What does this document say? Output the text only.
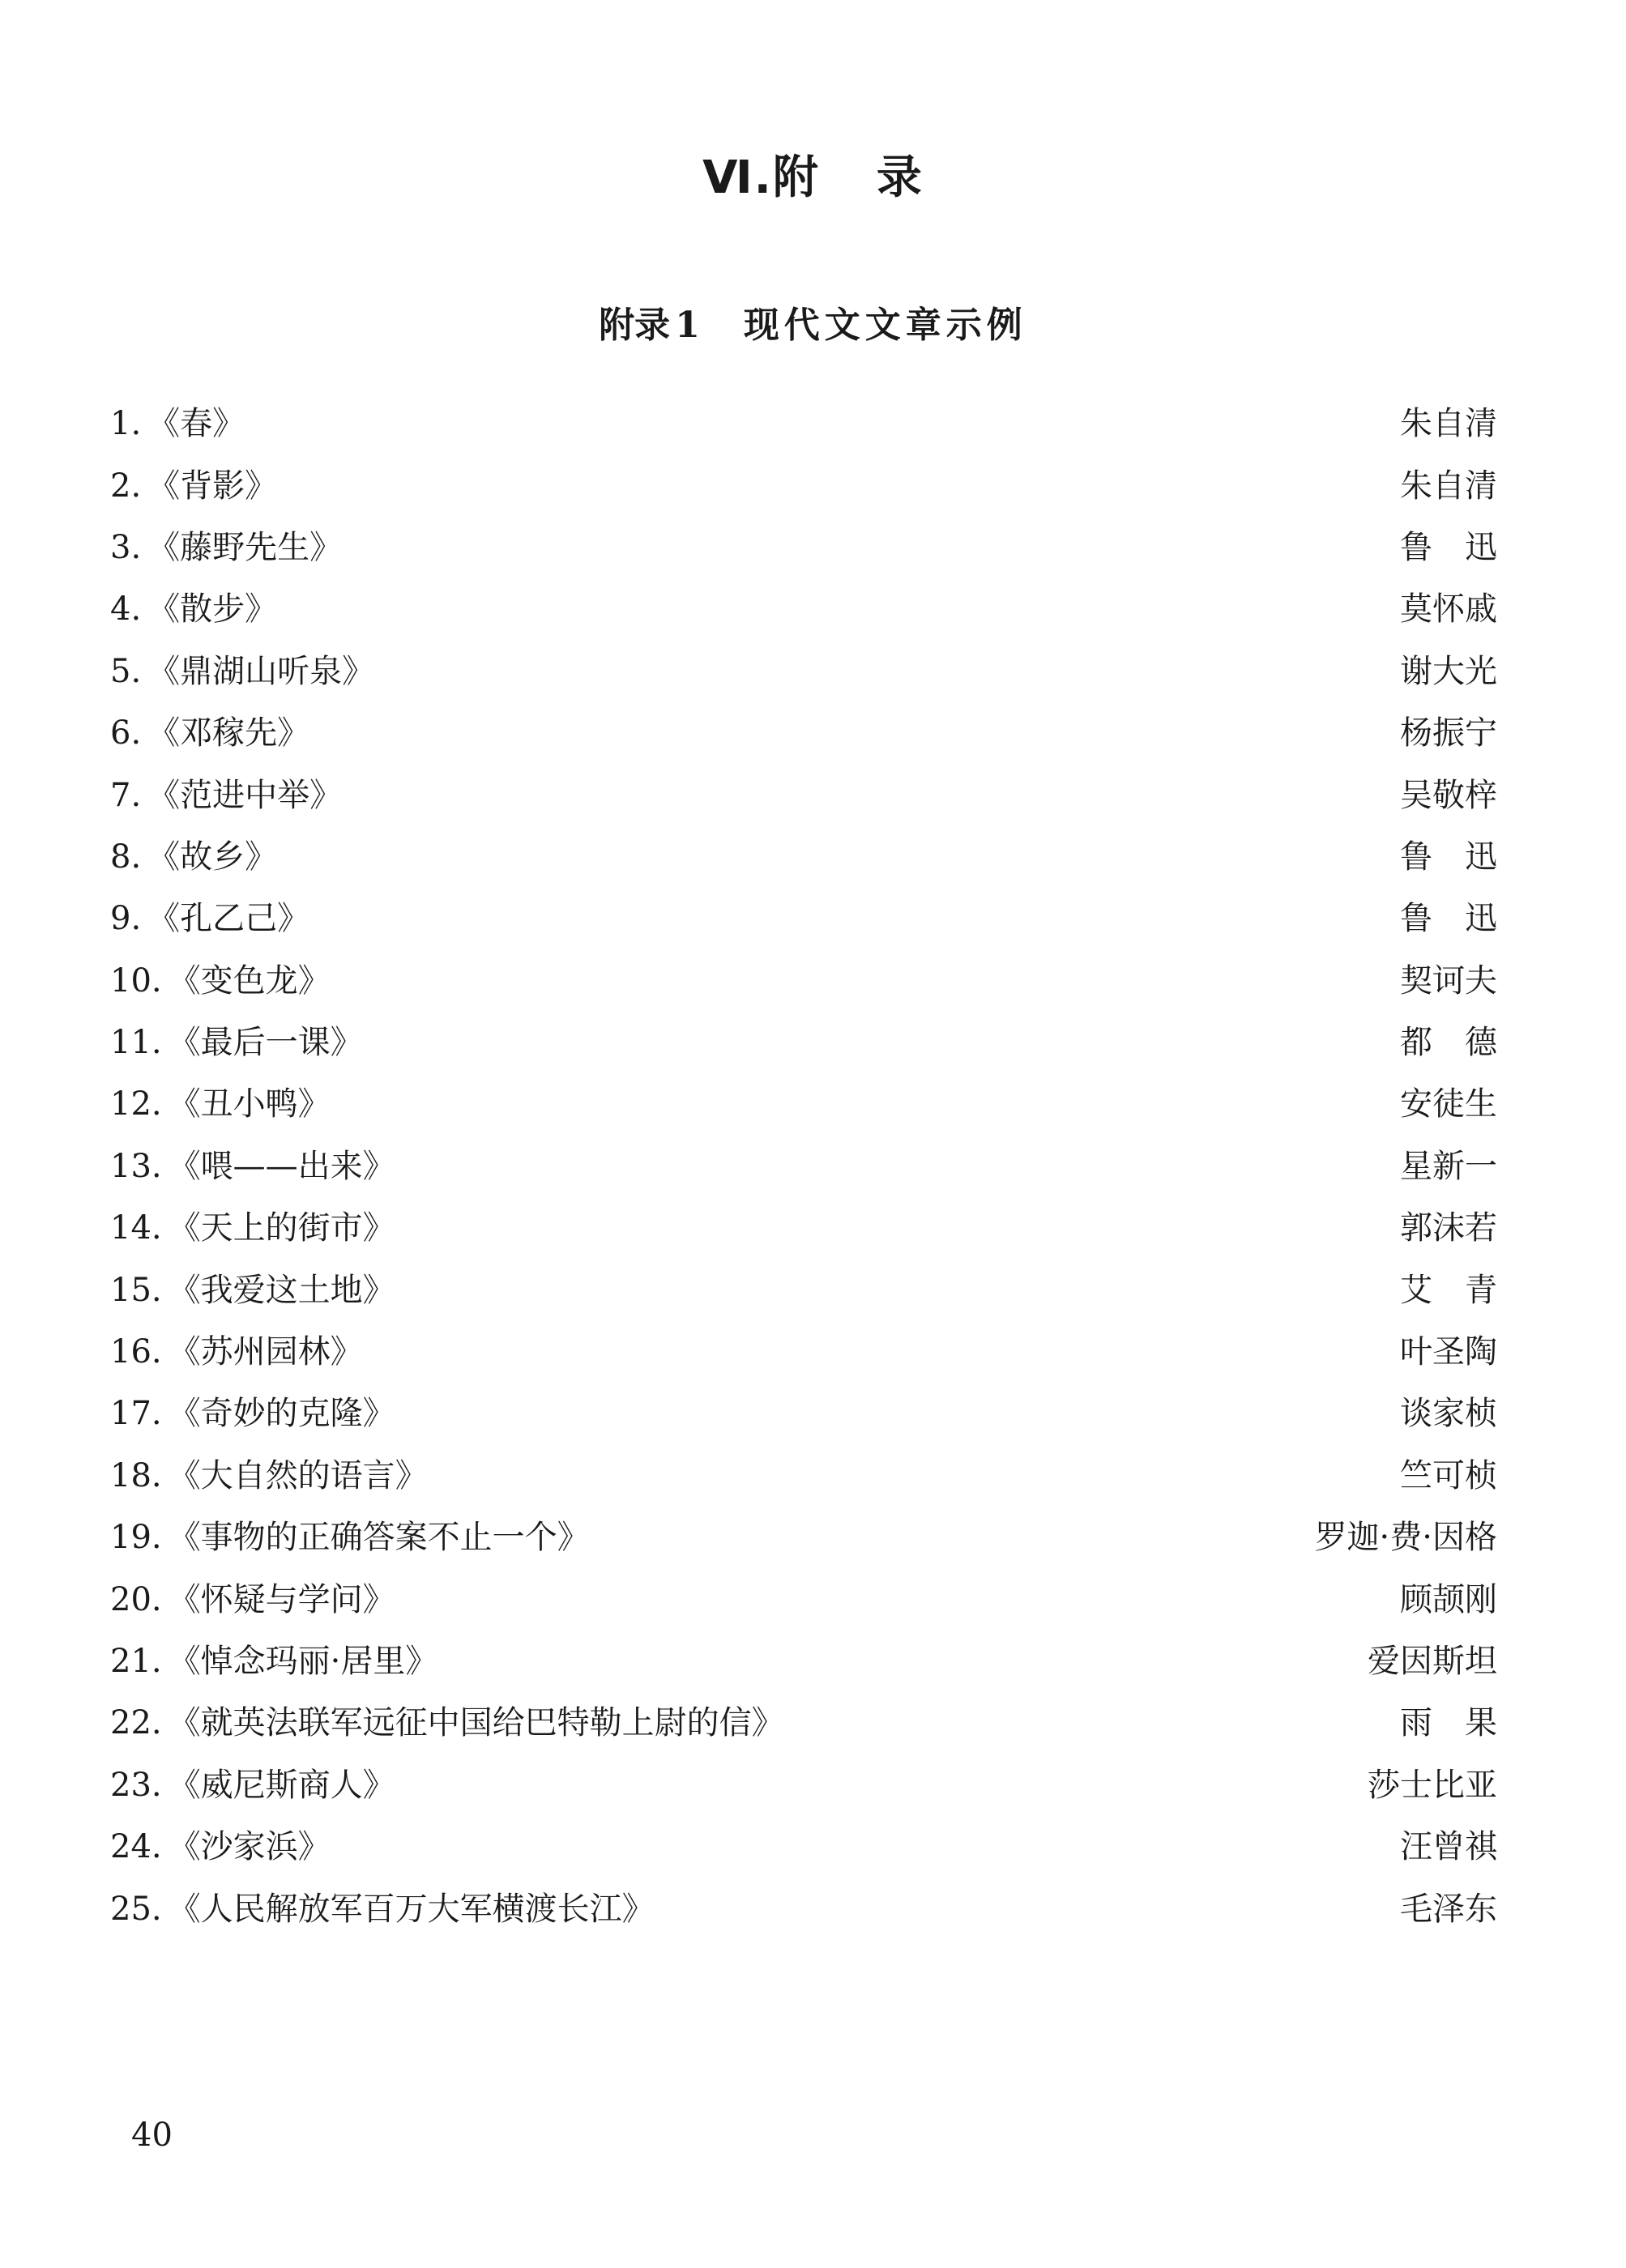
Ⅵ.附 录
附录 1 现代文文章示例
1. 《春》	朱自清
2. 《背影》	朱自清
3. 《藤野先生》	鲁　迅
4. 《散步》	莫怀戚
5. 《鼎湖山听泉》	谢大光
6. 《邓稼先》	杨振宁
7. 《范进中举》	吴敬梓
8. 《故乡》	鲁　迅
9. 《孔乙己》	鲁　迅
10. 《变色龙》	契诃夫
11. 《最后一课》	都　德
12. 《丑小鸭》	安徒生
13. 《喂——出来》	星新一
14. 《天上的街市》	郭沫若
15. 《我爱这土地》	艾　青
16. 《苏州园林》	叶圣陶
17. 《奇妙的克隆》	谈家桢
18. 《大自然的语言》	竺可桢
19. 《事物的正确答案不止一个》	罗迦·费·因格
20. 《怀疑与学问》	顾颉刚
21. 《悼念玛丽·居里》	爱因斯坦
22. 《就英法联军远征中国给巴特勒上尉的信》	雨　果
23. 《威尼斯商人》	莎士比亚
24. 《沙家浜》	汪曾祺
25. 《人民解放军百万大军横渡长江》	毛泽东

40
